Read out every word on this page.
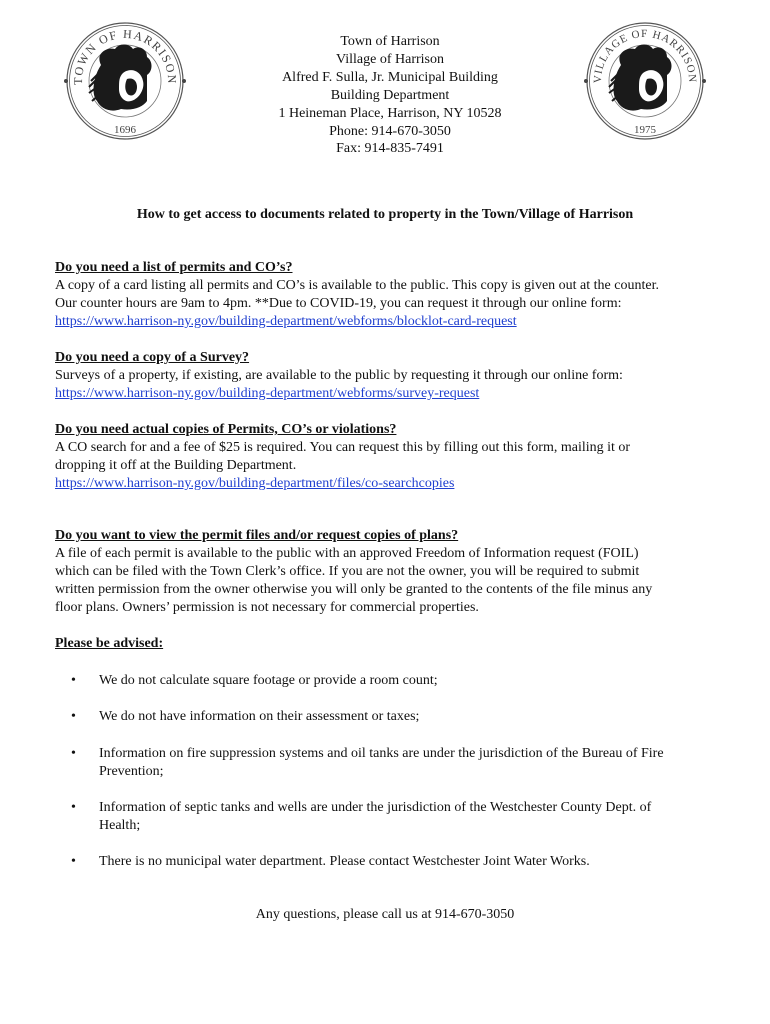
TOWN OF HARRISON
1696
VILLAGE OF HARRISON
1975
Town of Harrison
Village of Harrison
Alfred F. Sulla, Jr. Municipal Building
Building Department
1 Heineman Place, Harrison, NY 10528
Phone: 914-670-3050
Fax: 914-835-7491
How to get access to documents related to property in the Town/Village of Harrison
Do you need a list of permits and CO’s?
A copy of a card listing all permits and CO’s is available to the public. This copy is given out at the counter.
Our counter hours are 9am to 4pm. **Due to COVID-19, you can request it through our online form:
https://www.harrison-ny.gov/building-department/webforms/blocklot-card-request
Do you need a copy of a Survey?
Surveys of a property, if existing, are available to the public by requesting it through our online form:
https://www.harrison-ny.gov/building-department/webforms/survey-request
Do you need actual copies of Permits, CO’s or violations?
A CO search for and a fee of $25 is required. You can request this by filling out this form, mailing it or
dropping it off at the Building Department.
https://www.harrison-ny.gov/building-department/files/co-searchcopies
Do you want to view the permit files and/or request copies of plans?
A file of each permit is available to the public with an approved Freedom of Information request (FOIL)
which can be filed with the Town Clerk’s office. If you are not the owner, you will be required to submit
written permission from the owner otherwise you will only be granted to the contents of the file minus any
floor plans. Owners’ permission is not necessary for commercial properties.
Please be advised:
• We do not calculate square footage or provide a room count;
• We do not have information on their assessment or taxes;
• Information on fire suppression systems and oil tanks are under the jurisdiction of the Bureau of Fire
Prevention;
• Information of septic tanks and wells are under the jurisdiction of the Westchester County Dept. of
Health;
• There is no municipal water department. Please contact Westchester Joint Water Works.
Any questions, please call us at 914-670-3050
